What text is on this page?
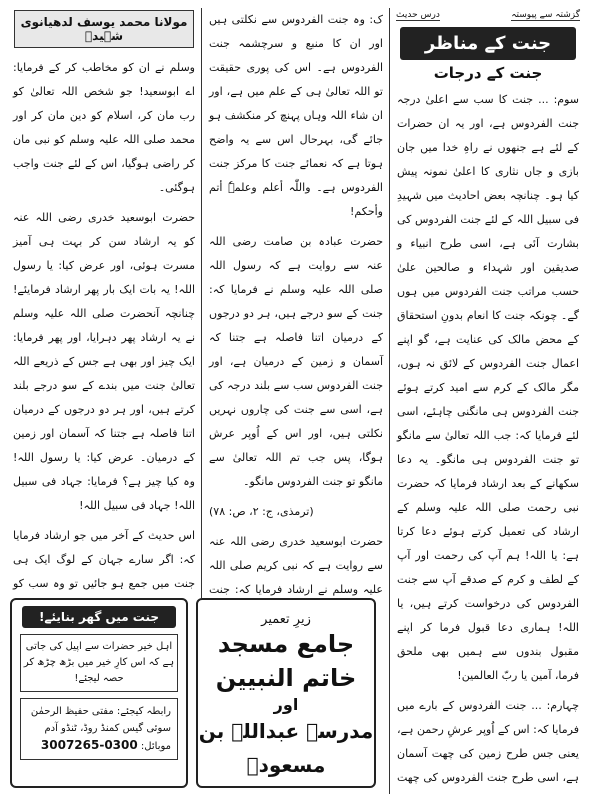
گزشتہ سے پیوستہ
درس حدیث
جنت کے مناظر
جنت کے درجات

سوم: ... جنت کا سب سے اعلیٰ درجہ جنت الفردوس ہے، اور یہ ان حضرات کے لئے ہے جنھوں نے راہِ خدا میں جان بازی و جاں نثاری کا اعلیٰ نمونہ پیش کیا ہو۔ چنانچہ بعض احادیث میں شہیدِ فی سبیل اللہ کے لئے جنت الفردوس کی بشارت آئی ہے، اسی طرح انبیاء و صدیقین اور شہداء و صالحین علیٰ حسب مراتب جنت الفردوس میں ہوں گے۔ چونکہ جنت کا انعام بدونِ استحقاق کے محض مالک کی عنایت ہے، گو اپنے اعمال جنت الفردوس کے لائق نہ ہوں، مگر مالک کے کرم سے امید کرتے ہوئے جنت الفردوس ہی مانگنی چاہئے، اسی لئے فرمایا کہ: جب اللہ تعالیٰ سے مانگو تو جنت الفردوس ہی مانگو۔ یہ دعا سکھانے کے بعد ارشاد فرمایا کہ حضرت نبی رحمت صلی اللہ علیہ وسلم کے ارشاد کی تعمیل کرتے ہوئے دعا کرتا ہے: یا اللہ! ہم آپ کی رحمت اور آپ کے لطف و کرم کے صدقے آپ سے جنت الفردوس کی درخواست کرتے ہیں، یا اللہ! ہماری دعا قبول فرما کر اپنے مقبول بندوں سے ہمیں بھی ملحق فرما، آمین یا ربّ العالمین!

چہارم: ... جنت الفردوس کے بارے میں فرمایا کہ: اس کے اُوپر عرشِ رحمن ہے، یعنی جس طرح زمین کی چھت آسمان ہے، اسی طرح جنت الفردوس کی چھت

ک: وہ جنت الفردوس سے نکلتی ہیں اور ان کا منبع و سرچشمہ جنت الفردوس ہے۔ اس کی پوری حقیقت تو اللہ تعالیٰ ہی کے علم میں ہے، اور ان شاء اللہ وہاں پہنچ کر منکشف ہو جائے گی، بہرحال اس سے یہ واضح ہوتا ہے کہ نعمائے جنت کا مرکز جنت الفردوس ہے۔ واللّٰہ أعلم وعلمہٗ أتم وأحکم!

حضرت عبادہ بن صامت رضی اللہ عنہ سے روایت ہے کہ رسول اللہ صلی اللہ علیہ وسلم نے فرمایا کہ: جنت کے سو درجے ہیں، ہر دو درجوں کے درمیان اتنا فاصلہ ہے جتنا کہ آسمان و زمین کے درمیان ہے، اور جنت الفردوس سب سے بلند درجہ کی ہے، اسی سے جنت کی چاروں نہریں نکلتی ہیں، اور اس کے اُوپر عرش ہوگا، پس جب تم اللہ تعالیٰ سے مانگو تو جنت الفردوس مانگو۔

(ترمذی، ج: ۲، ص: ۷۸)

حضرت ابوسعید خدری رضی اللہ عنہ سے روایت ہے کہ نبی کریم صلی اللہ علیہ وسلم نے ارشاد فرمایا کہ: جنت

مولانا محمد یوسف لدھیانوی شہیدؒ

وسلم نے ان کو مخاطب کر کے فرمایا: اے ابوسعید! جو شخص اللہ تعالیٰ کو رب مان کر، اسلام کو دین مان کر اور محمد صلی اللہ علیہ وسلم کو نبی مان کر راضی ہوگیا، اس کے لئے جنت واجب ہوگئی۔

حضرت ابوسعید خدری رضی اللہ عنہ کو یہ ارشاد سن کر بہت ہی آمیز مسرت ہوئی، اور عرض کیا: یا رسول اللہ! یہ بات ایک بار پھر ارشاد فرمایئے! چنانچہ آنحضرت صلی اللہ علیہ وسلم نے یہ ارشاد پھر دہرایا، اور پھر فرمایا: ایک چیز اور بھی ہے جس کے ذریعے اللہ تعالیٰ جنت میں بندے کے سو درجے بلند کرتے ہیں، اور ہر دو درجوں کے درمیان اتنا فاصلہ ہے جتنا کہ آسمان اور زمین کے درمیان۔ عرض کیا: یا رسول اللہ! وہ کیا چیز ہے؟ فرمایا: جہاد فی سبیل اللہ! جہاد فی سبیل اللہ!

اس حدیث کے آخر میں جو ارشاد فرمایا کہ: اگر سارے جہان کے لوگ ایک ہی جنت میں جمع ہو جائیں تو وہ سب کو

جنت میں گھر بنایئے!
اہل خیر حضرات سے اپیل کی جاتی ہے کہ اس کارِ خیر میں بڑھ چڑھ کر حصہ لیجئے!
رابطہ کیجئے: مفتی حفیظ الرحمٰن
سوئی گیس کمنڈ روڈ، ٹنڈو آدم
موبائل: 0300-3007265
زیرِ تعمیر
جامع مسجد خاتم النبیین
اور
مدرسہ عبداللہ بن مسعودؓ
